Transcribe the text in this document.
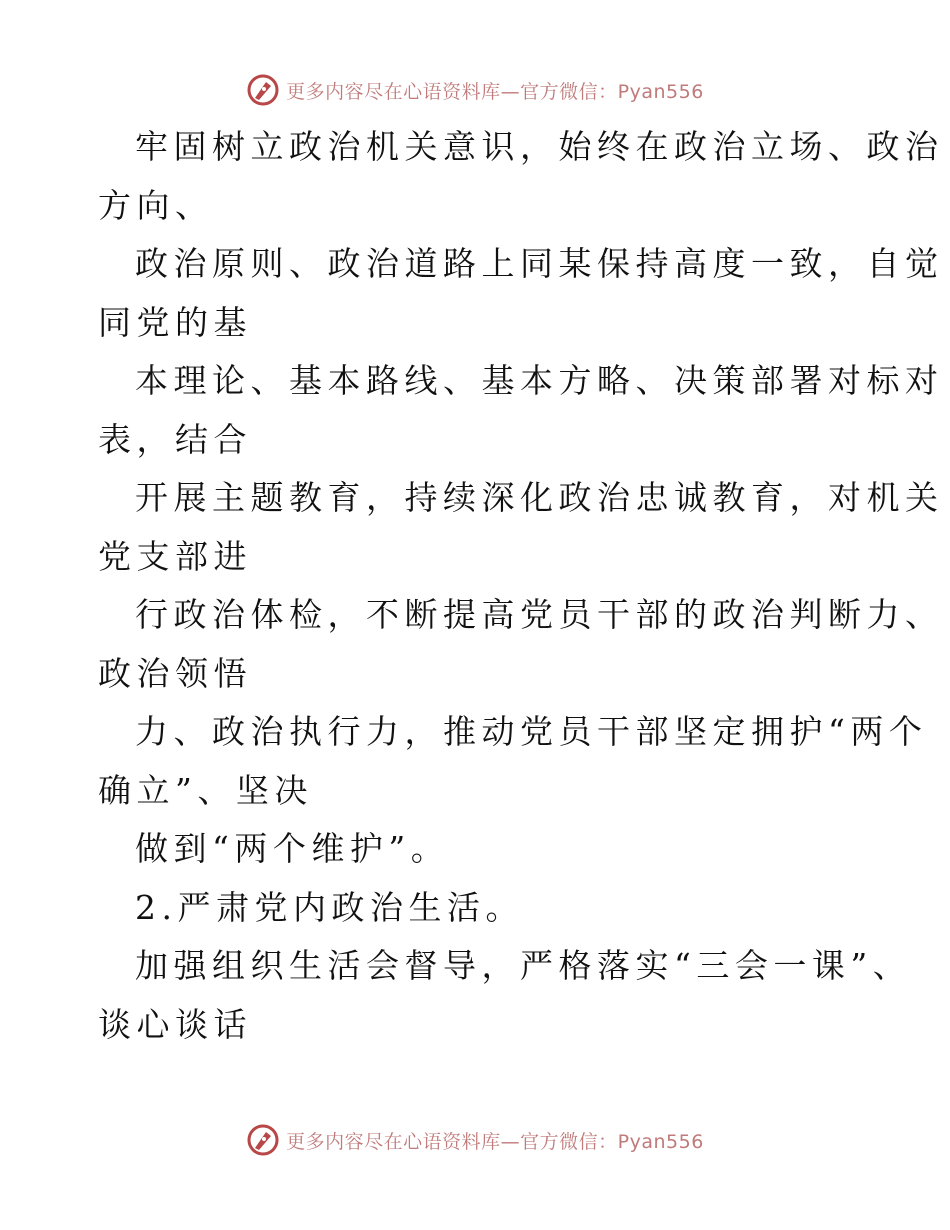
更多内容尽在心语资料库—官方微信：Pyan556
牢固树立政治机关意识，始终在政治立场、政治
方向、
政治原则、政治道路上同某保持高度一致，自觉
同党的基
本理论、基本路线、基本方略、决策部署对标对
表，结合
开展主题教育，持续深化政治忠诚教育，对机关
党支部进
行政治体检，不断提高党员干部的政治判断力、
政治领悟
力、政治执行力，推动党员干部坚定拥护“两个
确立”、坚决
做到“两个维护”。
2.严肃党内政治生活。
加强组织生活会督导，严格落实“三会一课”、
谈心谈话
更多内容尽在心语资料库—官方微信：Pyan556
